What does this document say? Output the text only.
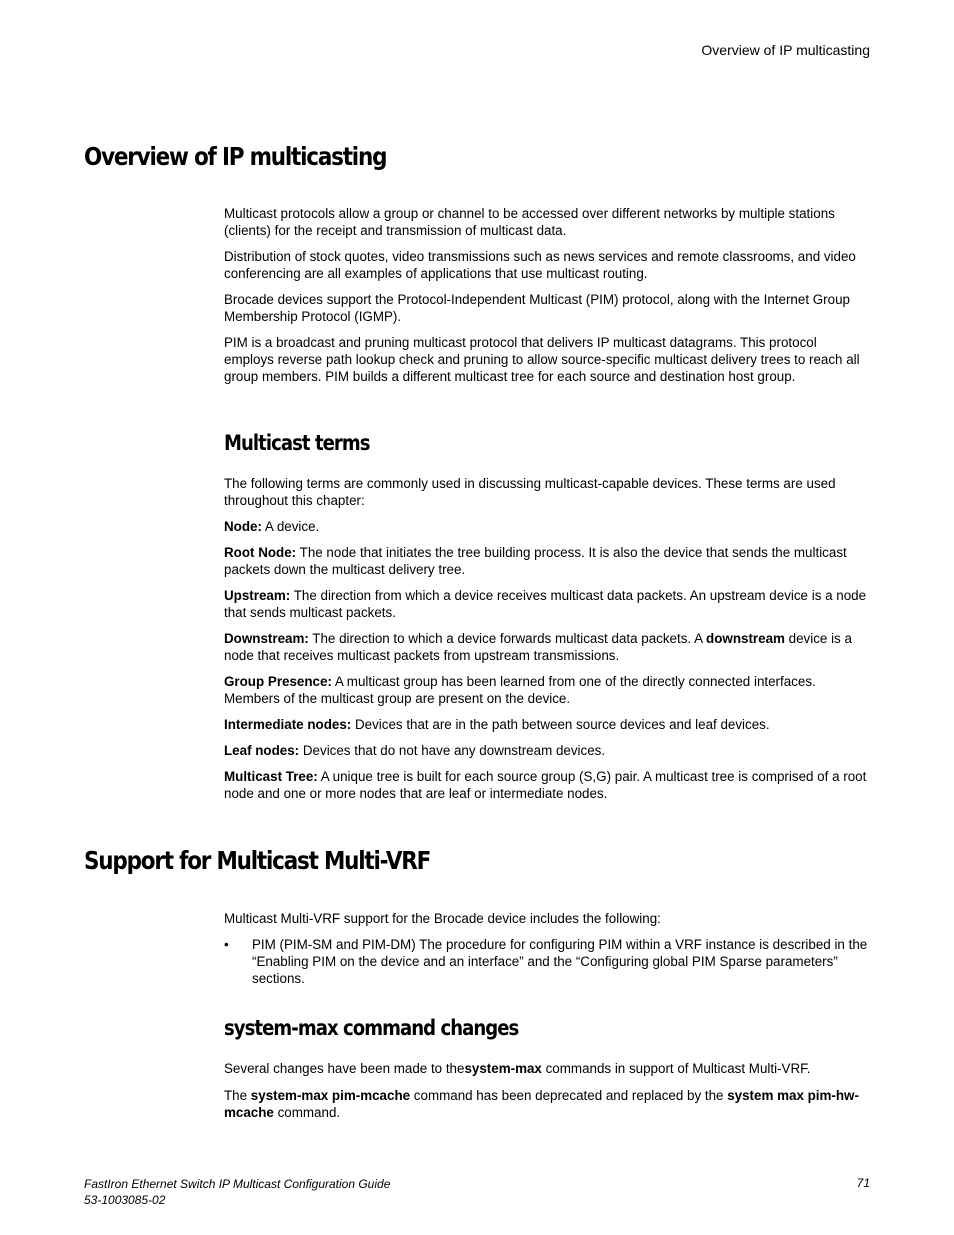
Overview of IP multicasting
Overview of IP multicasting

Multicast protocols allow a group or channel to be accessed over different networks by multiple stations (clients) for the receipt and transmission of multicast data.

Distribution of stock quotes, video transmissions such as news services and remote classrooms, and video conferencing are all examples of applications that use multicast routing.

Brocade devices support the Protocol-Independent Multicast (PIM) protocol, along with the Internet Group Membership Protocol (IGMP).

PIM is a broadcast and pruning multicast protocol that delivers IP multicast datagrams. This protocol employs reverse path lookup check and pruning to allow source-specific multicast delivery trees to reach all group members. PIM builds a different multicast tree for each source and destination host group.

Multicast terms

The following terms are commonly used in discussing multicast-capable devices. These terms are used throughout this chapter:

Node: A device.

Root Node: The node that initiates the tree building process. It is also the device that sends the multicast packets down the multicast delivery tree.

Upstream: The direction from which a device receives multicast data packets. An upstream device is a node that sends multicast packets.

Downstream: The direction to which a device forwards multicast data packets. A downstream device is a node that receives multicast packets from upstream transmissions.

Group Presence: A multicast group has been learned from one of the directly connected interfaces. Members of the multicast group are present on the device.

Intermediate nodes: Devices that are in the path between source devices and leaf devices.

Leaf nodes: Devices that do not have any downstream devices.

Multicast Tree: A unique tree is built for each source group (S,G) pair. A multicast tree is comprised of a root node and one or more nodes that are leaf or intermediate nodes.

Support for Multicast Multi-VRF

Multicast Multi-VRF support for the Brocade device includes the following:

• PIM (PIM-SM and PIM-DM) The procedure for configuring PIM within a VRF instance is described in the “Enabling PIM on the device and an interface” and the “Configuring global PIM Sparse parameters” sections.
system-max command changes

Several changes have been made to thesystem-max commands in support of Multicast Multi-VRF.

The system-max pim-mcache command has been deprecated and replaced by the system max pim-hw-mcache command.

FastIron Ethernet Switch IP Multicast Configuration Guide
53-1003085-02
71
